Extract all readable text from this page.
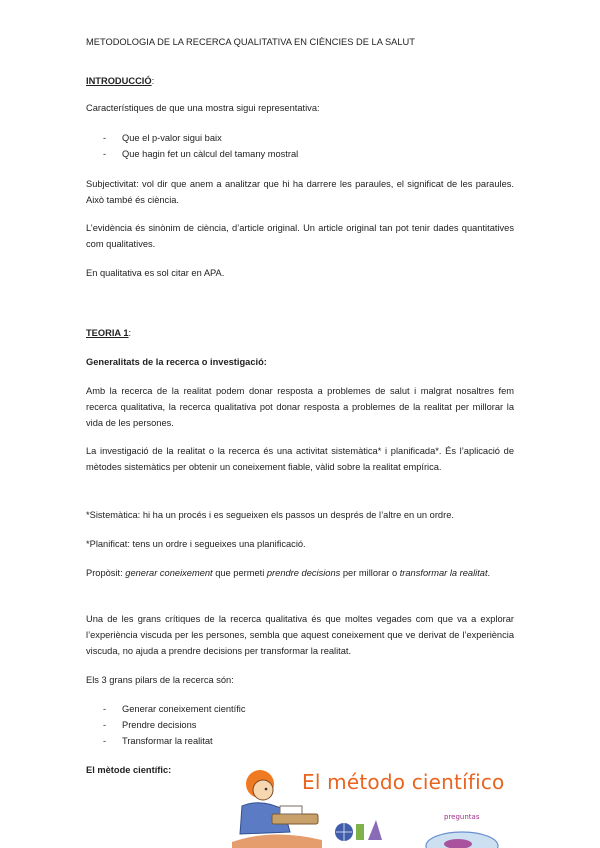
METODOLOGIA DE LA RECERCA QUALITATIVA EN CIÈNCIES DE LA SALUT

INTRODUCCIÓ:

Característiques de que una mostra sigui representativa:

- Que el p-valor sigui baix
- Que hagin fet un càlcul del tamany mostral

Subjectivitat: vol dir que anem a analitzar que hi ha darrere les paraules, el significat de les paraules. Això també és ciència.

L’evidència és sinònim de ciència, d’article original. Un article original tan pot tenir dades quantitatives com qualitatives.

En qualitativa es sol citar en APA.

TEORIA 1:

Generalitats de la recerca o investigació:

Amb la recerca de la realitat podem donar resposta a problemes de salut i malgrat nosaltres fem recerca qualitativa, la recerca qualitativa pot donar resposta a problemes de la realitat per millorar la vida de les persones.

La investigació de la realitat o la recerca és una activitat sistemàtica* i planificada*. És l’aplicació de mètodes sistemàtics per obtenir un coneixement fiable, vàlid sobre la realitat empírica.

*Sistemàtica: hi ha un procés i es segueixen els passos un després de l’altre en un ordre.

*Planificat: tens un ordre i segueixes una planificació.

Propòsit: generar coneixement que permeti prendre decisions per millorar o transformar la realitat.

Una de les grans crítiques de la recerca qualitativa és que moltes vegades com que va a explorar l’experiència viscuda per les persones, sembla que aquest coneixement que ve derivat de l’experiència viscuda, no ajuda a prendre decisions per transformar la realitat.

Els 3 grans pilars de la recerca són:

- Generar coneixement científic
- Prendre decisions
- Transformar la realitat

El mètode científic:	El método científico
preguntas
